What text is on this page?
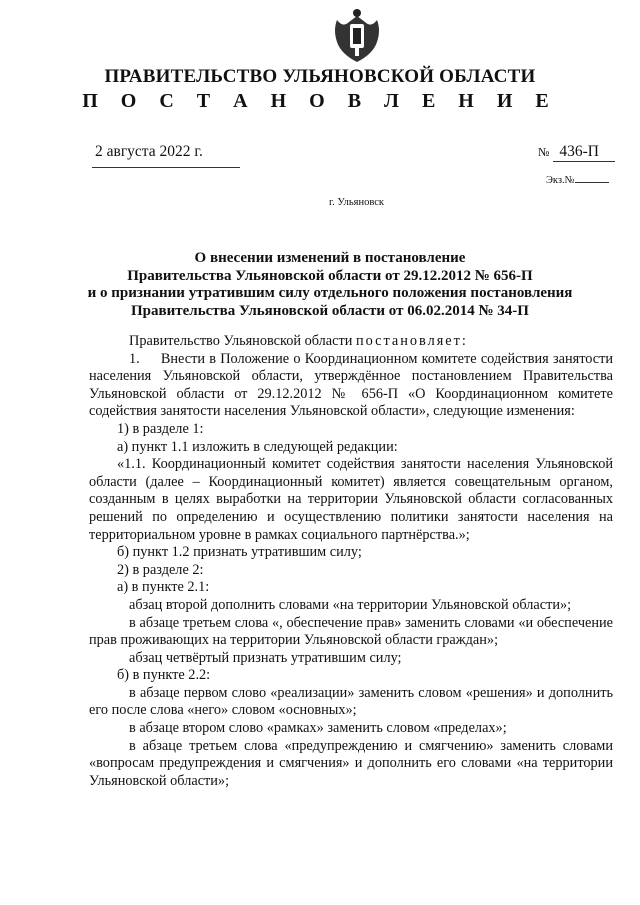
ПРАВИТЕЛЬСТВО УЛЬЯНОВСКОЙ ОБЛАСТИ
П О С Т А Н О В Л Е Н И Е
2 августа 2022 г.	№ 436-П
Экз.№
г. Ульяновск
О внесении изменений в постановление
Правительства Ульяновской области от 29.12.2012 № 656-П
и о признании утратившим силу отдельного положения постановления
Правительства Ульяновской области от 06.02.2014 № 34-П

Правительство Ульяновской области постановляет:

1.     Внести в Положение о Координационном комитете содействия занятости населения Ульяновской области, утверждённое постановлением Правительства Ульяновской области от 29.12.2012 № 656-П «О Координационном комитете содействия занятости населения Ульяновской области», следующие изменения:

1) в разделе 1:

а) пункт 1.1 изложить в следующей редакции:

«1.1. Координационный комитет содействия занятости населения Ульяновской области (далее – Координационный комитет) является совещательным органом, созданным в целях выработки на территории Ульяновской области согласованных решений по определению и осуществлению политики занятости населения на территориальном уровне в рамках социального партнёрства.»;

б) пункт 1.2 признать утратившим силу;

2) в разделе 2:

а) в пункте 2.1:

абзац второй дополнить словами «на территории Ульяновской области»;

в абзаце третьем слова «, обеспечение прав» заменить словами «и обеспечение прав проживающих на территории Ульяновской области граждан»;

абзац четвёртый признать утратившим силу;

б) в пункте 2.2:

в абзаце первом слово «реализации» заменить словом «решения» и дополнить его после слова «него» словом «основных»;

в абзаце втором слово «рамках» заменить словом «пределах»;

в абзаце третьем слова «предупреждению и смягчению» заменить словами «вопросам предупреждения и смягчения» и дополнить его словами «на территории Ульяновской области»;
